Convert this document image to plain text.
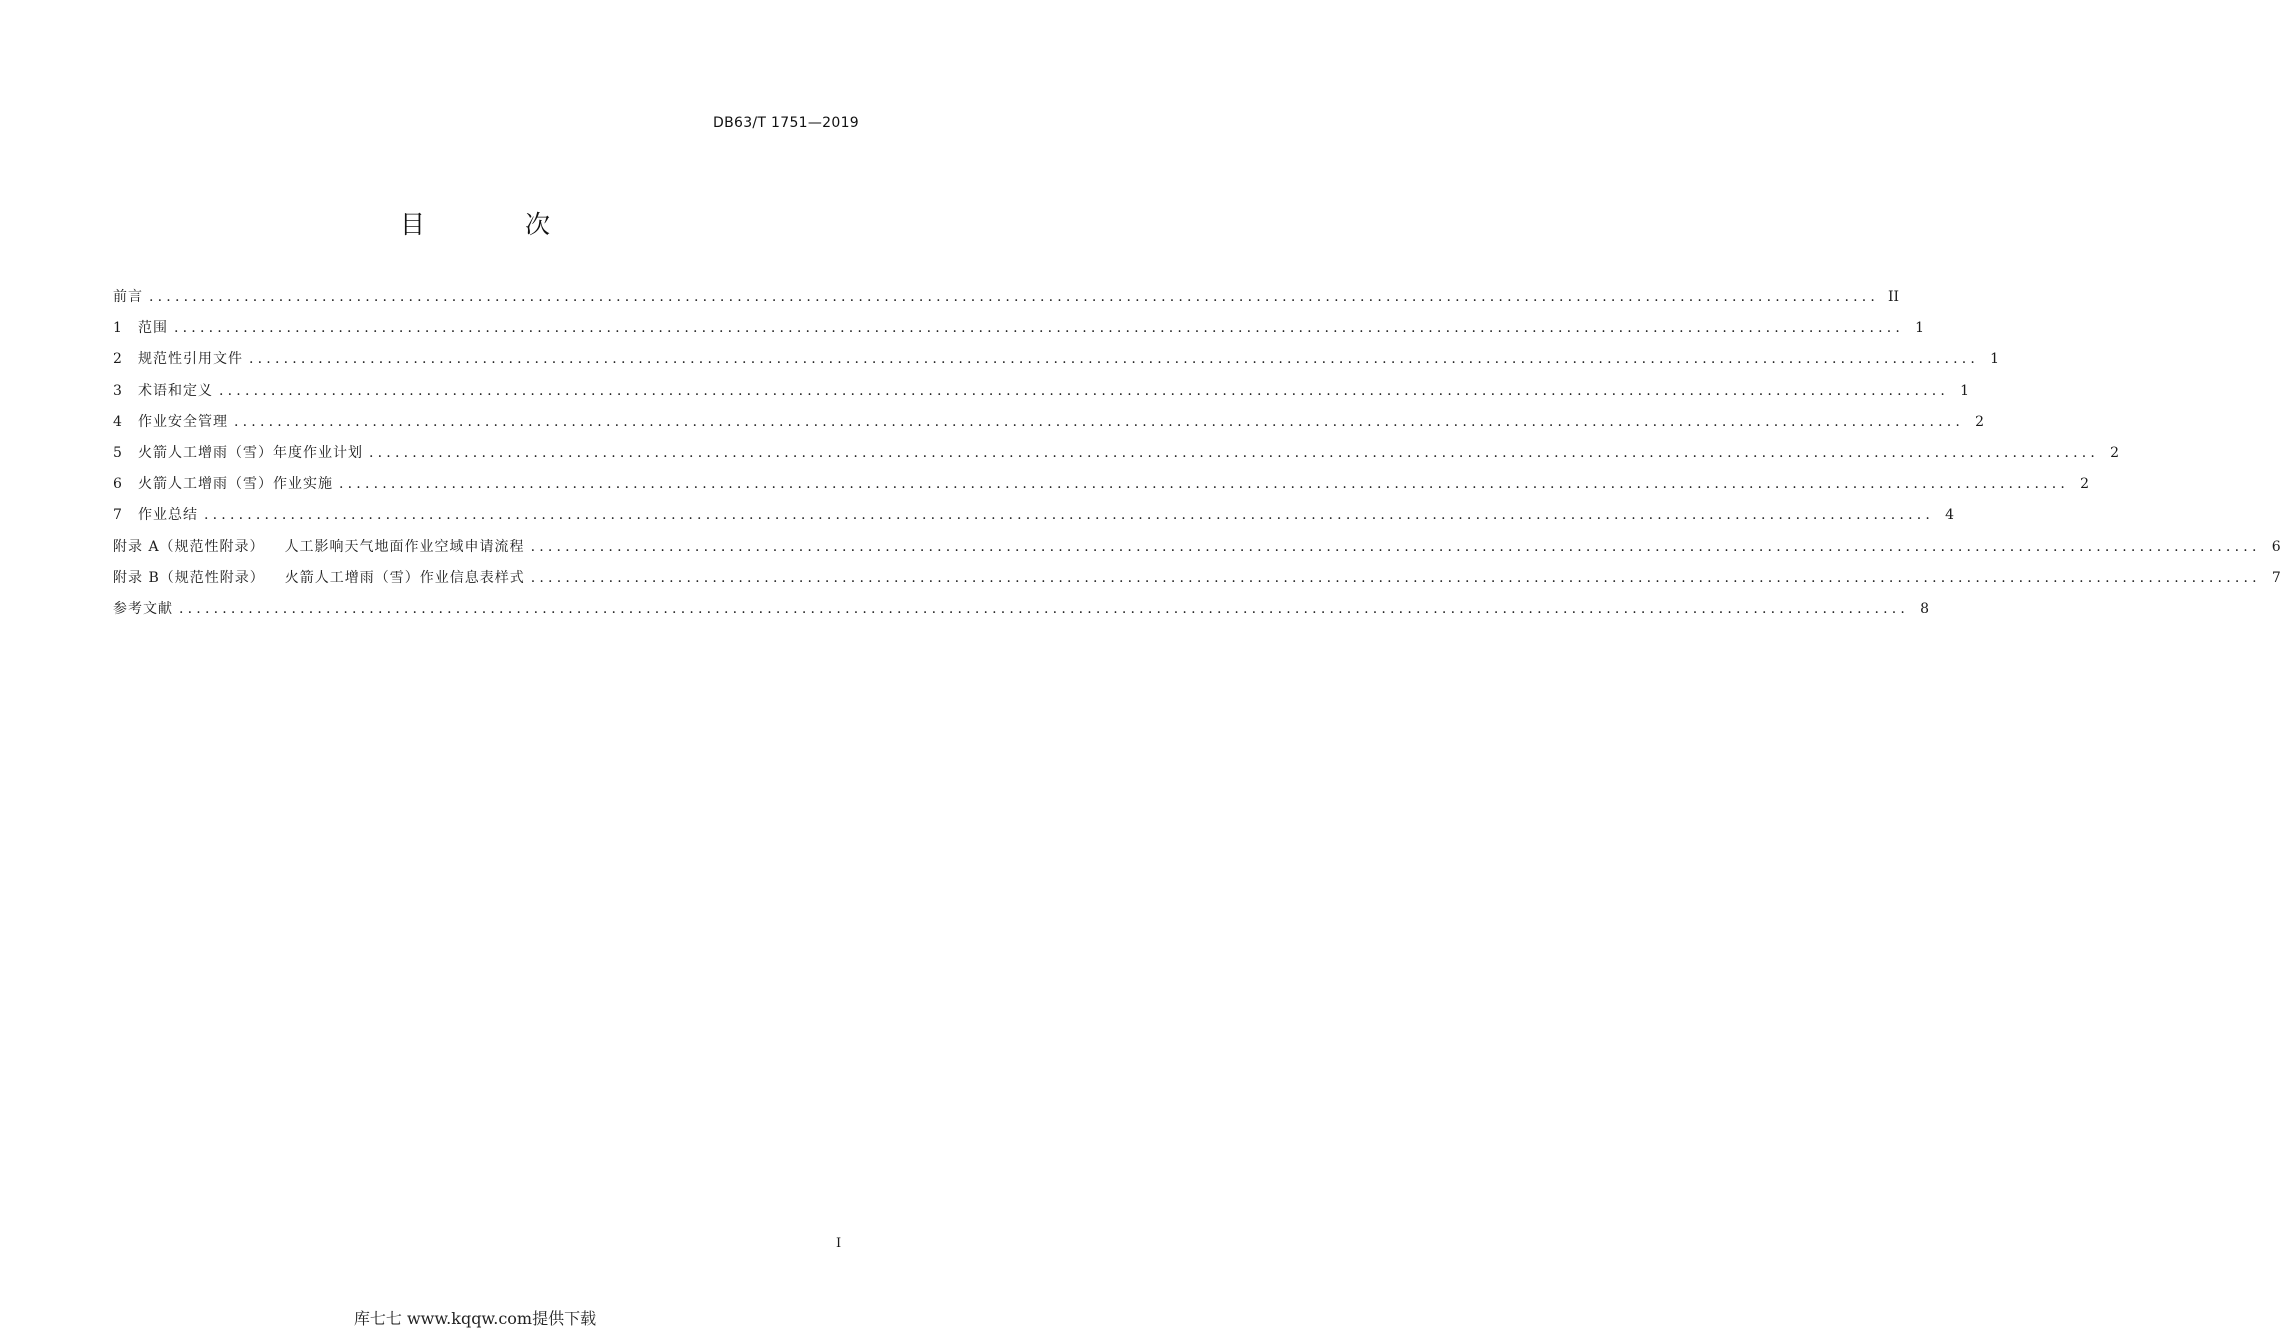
DB63/T 1751—2019
目 次
前言 ........................................................................................................................................................................................................ II
1	范围 ........................................................................................................................................................................................................ 1
2	规范性引用文件 ........................................................................................................................................................................................................ 1
3	术语和定义 ........................................................................................................................................................................................................ 1
4	作业安全管理 ........................................................................................................................................................................................................ 2
5	火箭人工增雨（雪）年度作业计划 ........................................................................................................................................................................................................ 2
6	火箭人工增雨（雪）作业实施 ........................................................................................................................................................................................................ 2
7	作业总结 ........................................................................................................................................................................................................ 4
附录 A（规范性附录） 人工影响天气地面作业空域申请流程 ........................................................................................................................................................................................................ 6
附录 B（规范性附录） 火箭人工增雨（雪）作业信息表样式 ........................................................................................................................................................................................................ 7
参考文献 ........................................................................................................................................................................................................ 8
I
库七七 www.kqqw.com提供下载
